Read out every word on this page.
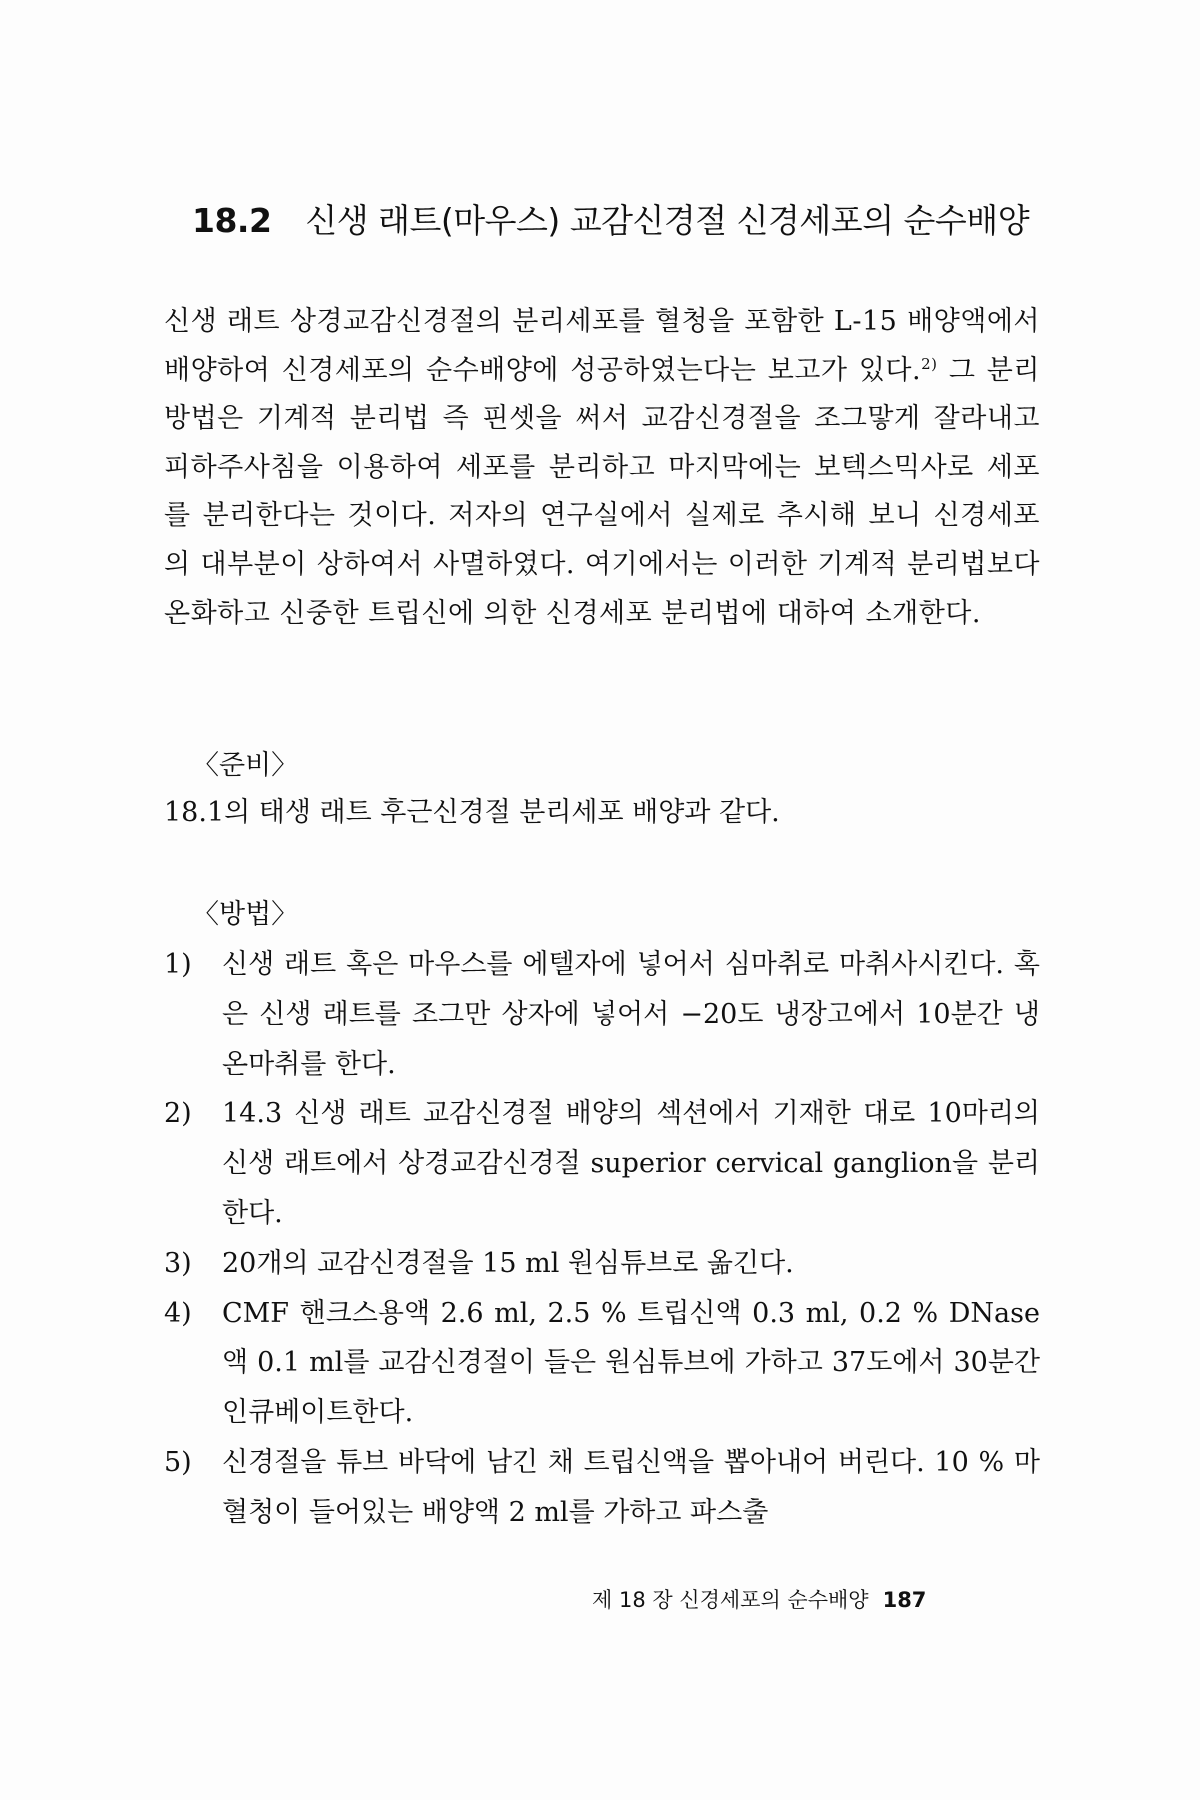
18.2 신생 래트(마우스) 교감신경절 신경세포의 순수배양

신생 래트 상경교감신경절의 분리세포를 혈청을 포함한 L-15 배양액에서 배양하여 신경세포의 순수배양에 성공하였는다는 보고가 있다.$^{2)}$ 그 분리방법은 기계적 분리법 즉 핀셋을 써서 교감신경절을 조그맣게 잘라내고 피하주사침을 이용하여 세포를 분리하고 마지막에는 보텍스믹사로 세포를 분리한다는 것이다. 저자의 연구실에서 실제로 추시해 보니 신경세포의 대부분이 상하여서 사멸하였다. 여기에서는 이러한 기계적 분리법보다 온화하고 신중한 트립신에 의한 신경세포 분리법에 대하여 소개한다.

〈준비〉
18.1의 태생 래트 후근신경절 분리세포 배양과 같다.
〈방법〉
1) 신생 래트 혹은 마우스를 에텔자에 넣어서 심마취로 마취사시킨다. 혹은 신생 래트를 조그만 상자에 넣어서 −20도 냉장고에서 10분간 냉온마취를 한다.
2) 14.3 신생 래트 교감신경절 배양의 섹션에서 기재한 대로 10마리의 신생 래트에서 상경교감신경절 superior cervical ganglion을 분리한다.
3) 20개의 교감신경절을 15 ml 원심튜브로 옮긴다.
4) CMF 핸크스용액 2.6 ml, 2.5 % 트립신액 0.3 ml, 0.2 % DNase액 0.1 ml를 교감신경절이 들은 원심튜브에 가하고 37도에서 30분간 인큐베이트한다.
5) 신경절을 튜브 바닥에 남긴 채 트립신액을 뽑아내어 버린다. 10 % 마혈청이 들어있는 배양액 2 ml를 가하고 파스출
제 18 장 신경세포의 순수배양 187
